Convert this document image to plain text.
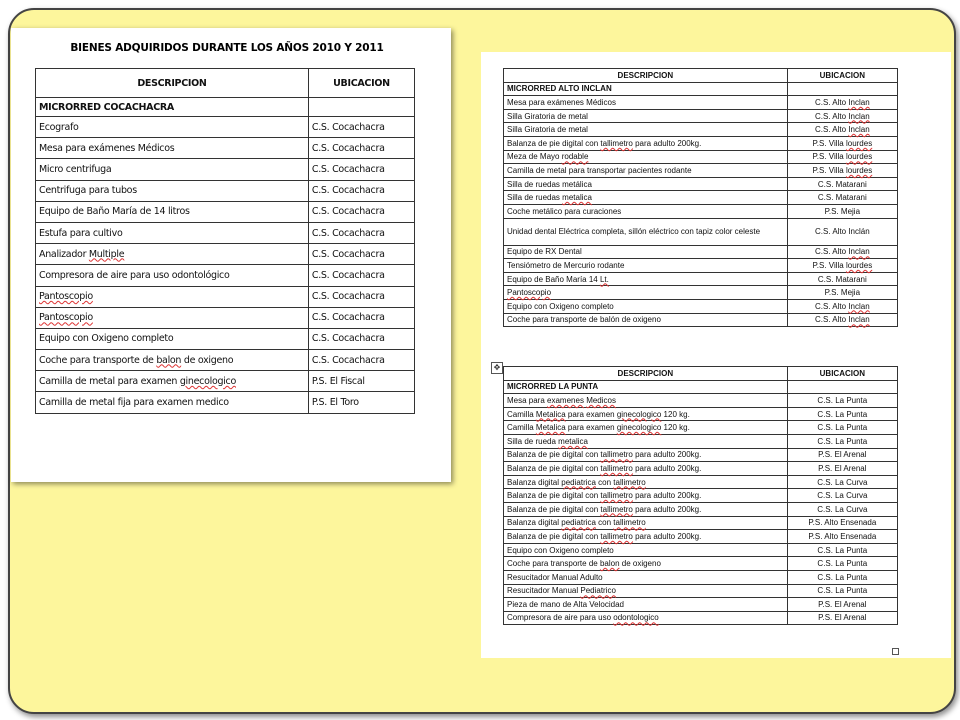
BIENES ADQUIRIDOS DURANTE LOS AÑOS 2010 Y 2011
DESCRIPCION	UBICACION
MICRORRED COCACHACRA	
Ecografo	C.S. Cocachacra
Mesa para exámenes Médicos	C.S. Cocachacra
Micro centrifuga	C.S. Cocachacra
Centrifuga para tubos	C.S. Cocachacra
Equipo de Baño María de 14 litros	C.S. Cocachacra
Estufa para cultivo	C.S. Cocachacra
Analizador Multiple	C.S. Cocachacra
Compresora de aire para uso odontológico	C.S. Cocachacra
Pantoscopio	C.S. Cocachacra
Pantoscopio	C.S. Cocachacra
Equipo con Oxigeno completo	C.S. Cocachacra
Coche para transporte de balon de oxigeno	C.S. Cocachacra
Camilla de metal para examen ginecologico	P.S. El Fiscal
Camilla de metal fija para examen medico	P.S. El Toro
DESCRIPCION	UBICACION
MICRORRED ALTO INCLAN	
Mesa para exámenes Médicos	C.S. Alto Inclan
Silla Giratoria de metal	C.S. Alto Inclan
Silla Giratoria de metal	C.S. Alto Inclan
Balanza de pie digital con tallimetro para adulto 200kg.	P.S. Villa lourdes
Meza de Mayo rodable	P.S. Villa lourdes
Camilla de metal para transportar pacientes rodante	P.S. Villa lourdes
Silla de ruedas metálica	C.S. Matarani
Silla de ruedas metalica	C.S. Matarani
Coche metálico para curaciones	P.S. Mejia
Unidad dental Eléctrica completa, sillón eléctrico con tapiz color celeste	C.S. Alto Inclán
Equipo de RX Dental	C.S. Alto Inclan
Tensiómetro de Mercurio rodante	P.S. Villa lourdes
Equipo de Baño María 14 Lt.	C.S. Matarani
Pantoscopio	P.S. Mejia
Equipo con Oxigeno completo	C.S. Alto Inclan
Coche para transporte de balón de oxigeno	C.S. Alto Inclan
✥
DESCRIPCION	UBICACION
MICRORRED LA PUNTA	
Mesa para examenes Medicos	C.S. La Punta
Camilla Metalica para examen ginecologico 120 kg.	C.S. La Punta
Camilla Metalica para examen ginecologico 120 kg.	C.S. La Punta
Silla de rueda metalica	C.S. La Punta
Balanza de pie digital con tallimetro para adulto 200kg.	P.S. El Arenal
Balanza de pie digital con tallimetro para adulto 200kg.	P.S. El Arenal
Balanza digital pediatrica con tallimetro	C.S. La Curva
Balanza de pie digital con tallimetro para adulto 200kg.	C.S. La Curva
Balanza de pie digital con tallimetro para adulto 200kg.	C.S. La Curva
Balanza digital pediatrica con tallimetro	P.S. Alto Ensenada
Balanza de pie digital con tallimetro para adulto 200kg.	P.S. Alto Ensenada
Equipo con Oxigeno completo	C.S. La Punta
Coche para transporte de balon de oxigeno	C.S. La Punta
Resucitador Manual Adulto	C.S. La Punta
Resucitador Manual Pediatrico	C.S. La Punta
Pieza de mano de Alta Velocidad	P.S. El Arenal
Compresora de aire para uso odontologico	P.S. El Arenal
